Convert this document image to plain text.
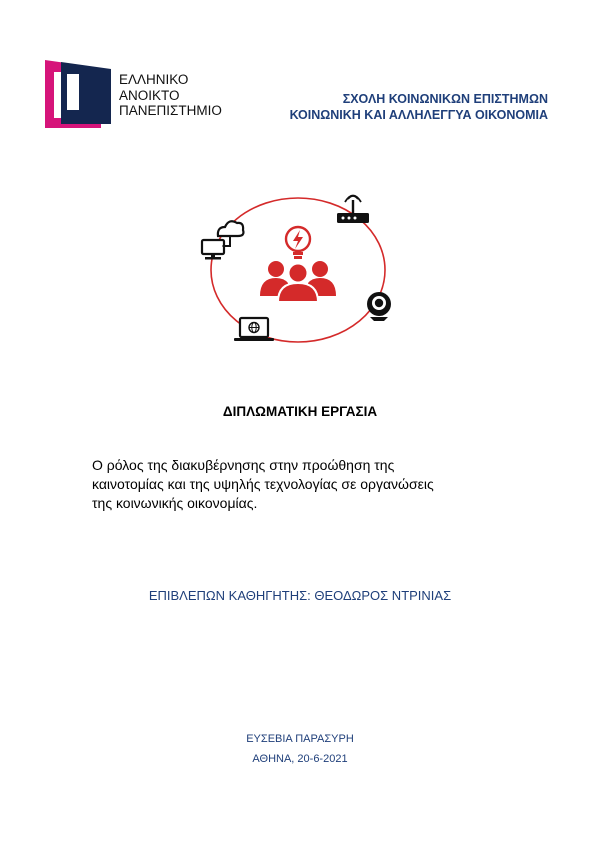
ΕΛΛΗΝΙΚΟ
ΑΝΟΙΚΤΟ
ΠΑΝΕΠΙΣΤΗΜΙΟ
ΣΧΟΛΗ ΚΟΙΝΩΝΙΚΩΝ ΕΠΙΣΤΗΜΩΝ
ΚΟΙΝΩΝΙΚΗ ΚΑΙ ΑΛΛΗΛΕΓΓΥΑ ΟΙΚΟΝΟΜΙΑ
ΔΙΠΛΩΜΑΤΙΚΗ ΕΡΓΑΣΙΑ
Ο ρόλος της διακυβέρνησης στην προώθηση της
καινοτομίας και της υψηλής τεχνολογίας σε οργανώσεις
της κοινωνικής οικονομίας.
ΕΠΙΒΛΕΠΩΝ ΚΑΘΗΓΗΤΗΣ: ΘΕΟΔΩΡΟΣ ΝΤΡΙΝΙΑΣ
ΕΥΣΕΒΙΑ ΠΑΡΑΣΥΡΗ
ΑΘΗΝΑ, 20-6-2021
